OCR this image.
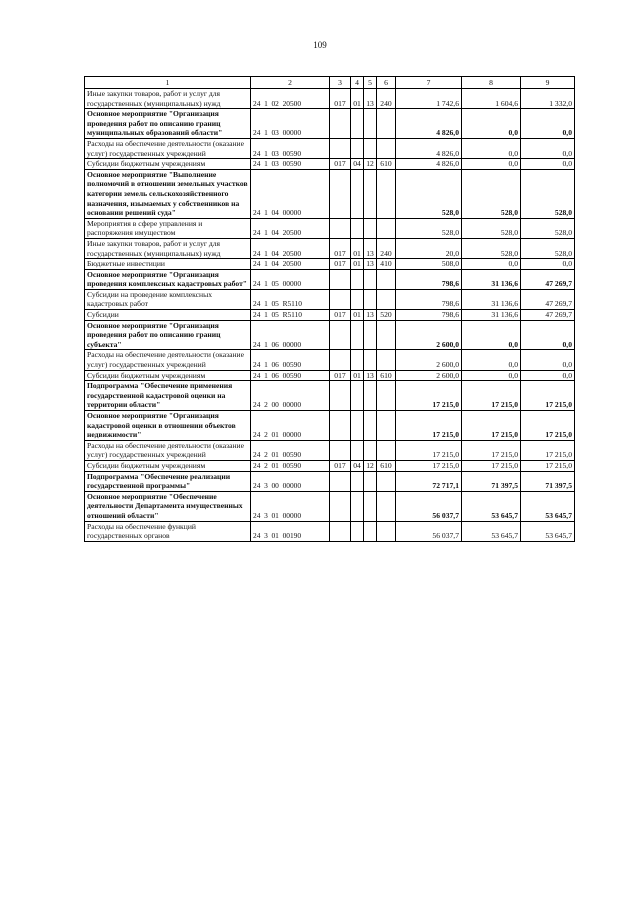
109
1	2	3	4	5	6	7	8	9
Иные закупки товаров, работ и услуг для государственных (муниципальных) нужд	24  1  02  20500	017	01	13	240	1 742,6	1 604,6	1 332,0
Основное мероприятие "Организация проведения работ по описанию границ муниципальных образований области"	24  1  03  00000					4 826,0	0,0	0,0
Расходы на обеспечение деятельности (оказание услуг) государственных учреждений	24  1  03  00590					4 826,0	0,0	0,0
Субсидии бюджетным учреждениям	24  1  03  00590	017	04	12	610	4 826,0	0,0	0,0
Основное мероприятие "Выполнение полномочий в отношении земельных участков категории земель сельскохозяйственного назначения, изымаемых у собственников на основании решений суда"	24  1  04  00000					528,0	528,0	528,0
Мероприятия в сфере управления и распоряжения имуществом	24  1  04  20500					528,0	528,0	528,0
Иные закупки товаров, работ и услуг для государственных (муниципальных) нужд	24  1  04  20500	017	01	13	240	20,0	528,0	528,0
Бюджетные инвестиции	24  1  04  20500	017	01	13	410	508,0	0,0	0,0
Основное мероприятие "Организация проведения комплексных кадастровых работ"	24  1  05  00000					798,6	31 136,6	47 269,7
Субсидии на проведение комплексных кадастровых работ	24  1  05  R5110					798,6	31 136,6	47 269,7
Субсидии	24  1  05  R5110	017	01	13	520	798,6	31 136,6	47 269,7
Основное мероприятие "Организация проведения работ по описанию границ субъекта"	24  1  06  00000					2 600,0	0,0	0,0
Расходы на обеспечение деятельности (оказание услуг) государственных учреждений	24  1  06  00590					2 600,0	0,0	0,0
Субсидии бюджетным учреждениям	24  1  06  00590	017	01	13	610	2 600,0	0,0	0,0
Подпрограмма "Обеспечение применения государственной кадастровой оценки на территории области"	24  2  00  00000					17 215,0	17 215,0	17 215,0
Основное мероприятие "Организация кадастровой оценки в отношении объектов недвижимости"	24  2  01  00000					17 215,0	17 215,0	17 215,0
Расходы на обеспечение деятельности (оказание услуг) государственных учреждений	24  2  01  00590					17 215,0	17 215,0	17 215,0
Субсидии бюджетным учреждениям	24  2  01  00590	017	04	12	610	17 215,0	17 215,0	17 215,0
Подпрограмма "Обеспечение реализации государственной программы"	24  3  00  00000					72 717,1	71 397,5	71 397,5
Основное мероприятие "Обеспечение деятельности Департамента имущественных отношений области"	24  3  01  00000					56 037,7	53 645,7	53 645,7
Расходы на обеспечение функций государственных органов	24  3  01  00190					56 037,7	53 645,7	53 645,7
